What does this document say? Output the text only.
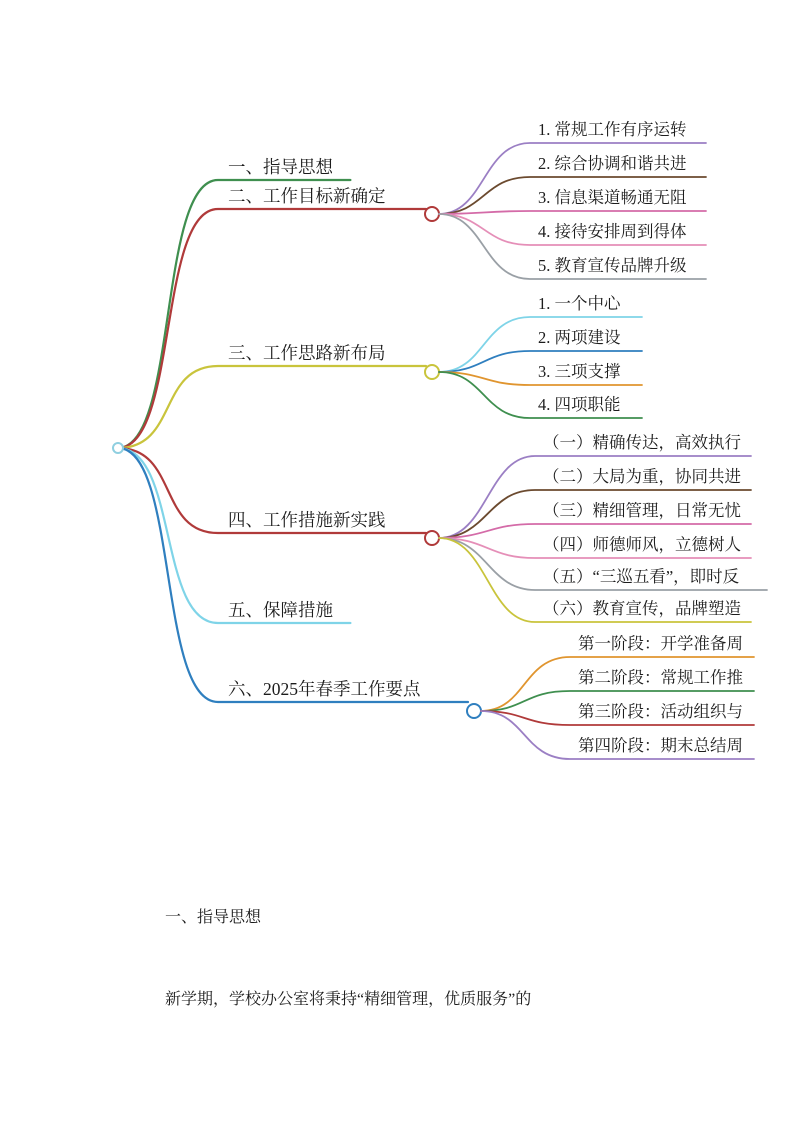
一、指导思想
二、工作目标新确定
1. 常规工作有序运转
2. 综合协调和谐共进
3. 信息渠道畅通无阻
4. 接待安排周到得体
5. 教育宣传品牌升级
三、工作思路新布局
1. 一个中心
2. 两项建设
3. 三项支撑
4. 四项职能
四、工作措施新实践
（一）精确传达，高效执行
（二）大局为重，协同共进
（三）精细管理，日常无忧
（四）师德师风，立德树人
（五）“三巡五看”，即时反
（六）教育宣传，品牌塑造
五、保障措施
六、2025年春季工作要点
第一阶段：开学准备周
第二阶段：常规工作推
第三阶段：活动组织与
第四阶段：期末总结周
一、指导思想
新学期，学校办公室将秉持“精细管理，优质服务”的
